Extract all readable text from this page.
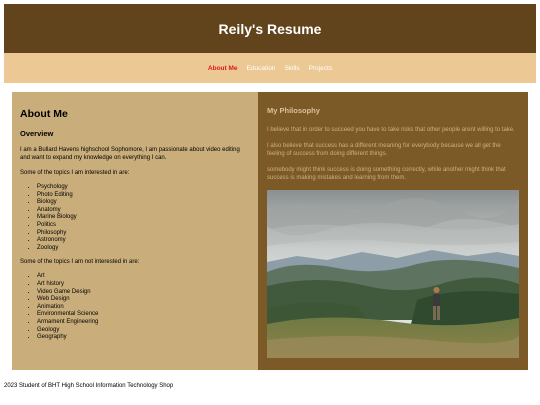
Reily's Resume
About Me Education Skills Projects
About Me
Overview

I am a Bullard Havens highschool Sophomore, I am passionate about video editing and want to expand my knowledge on everything I can.

Some of the topics I am interested in are:

• Psychology
• Photo Editing
• Biology
• Anatomy
• Marine Biology
• Politics
• Philosophy
• Astronomy
• Zoology

Some of the topics I am not interested in are:

• Art
• Art history
• Video Game Design
• Web Design
• Animation
• Environmental Science
• Armament Engineering
• Geology
• Geography
My Philosophy

I believe that in order to succeed you have to take risks that other people arent willing to take.

I also believe that success has a different meaning for everybody because we all get the feeling of success from doing different things.

somebody might think success is doing something correctly, while another might think that success is making mistakes and learning from them.

2023 Student of BHT High School Information Technology Shop
